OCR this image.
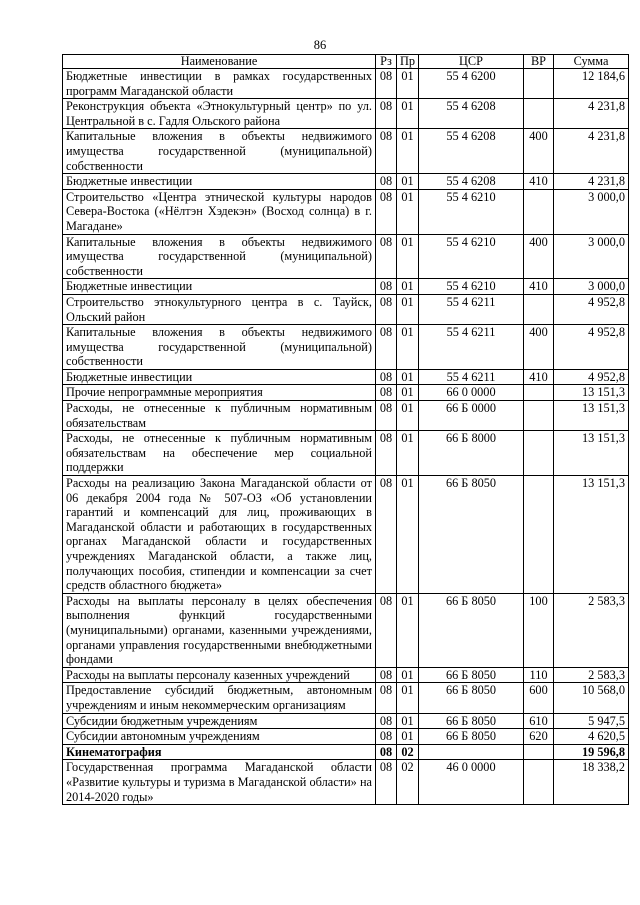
86
Наименование	Рз	Пр	ЦСР	ВР	Сумма
Бюджетные инвестиции в рамках государственных программ Магаданской области	08	01	55 4 6200		12 184,6
Реконструкция объекта «Этнокультурный центр» по ул. Центральной в с. Гадля Ольского района	08	01	55 4 6208		4 231,8
Капитальные вложения в объекты недвижимого имущества государственной (муниципальной) собственности	08	01	55 4 6208	400	4 231,8
Бюджетные инвестиции	08	01	55 4 6208	410	4 231,8
Строительство «Центра этнической культуры народов Севера-Востока («Нёлтэн Хэдекэн» (Восход солнца) в г. Магадане»	08	01	55 4 6210		3 000,0
Капитальные вложения в объекты недвижимого имущества государственной (муниципальной) собственности	08	01	55 4 6210	400	3 000,0
Бюджетные инвестиции	08	01	55 4 6210	410	3 000,0
Строительство этнокультурного центра в с. Тауйск, Ольский район	08	01	55 4 6211		4 952,8
Капитальные вложения в объекты недвижимого имущества государственной (муниципальной) собственности	08	01	55 4 6211	400	4 952,8
Бюджетные инвестиции	08	01	55 4 6211	410	4 952,8
Прочие непрограммные мероприятия	08	01	66 0 0000		13 151,3
Расходы, не отнесенные к публичным нормативным обязательствам	08	01	66 Б 0000		13 151,3
Расходы, не отнесенные к публичным нормативным обязательствам на обеспечение мер социальной поддержки	08	01	66 Б 8000		13 151,3
Расходы на реализацию Закона Магаданской области от 06 декабря 2004 года № 507-ОЗ «Об установлении гарантий и компенсаций для лиц, проживающих в Магаданской области и работающих в государственных органах Магаданской области и государственных учреждениях Магаданской области, а также лиц, получающих пособия, стипендии и компенсации за счет средств областного бюджета»	08	01	66 Б 8050		13 151,3
Расходы на выплаты персоналу в целях обеспечения выполнения функций государственными (муниципальными) органами, казенными учреждениями, органами управления государственными внебюджетными фондами	08	01	66 Б 8050	100	2 583,3
Расходы на выплаты персоналу казенных учреждений	08	01	66 Б 8050	110	2 583,3
Предоставление субсидий бюджетным, автономным учреждениям и иным некоммерческим организациям	08	01	66 Б 8050	600	10 568,0
Субсидии бюджетным учреждениям	08	01	66 Б 8050	610	5 947,5
Субсидии автономным учреждениям	08	01	66 Б 8050	620	4 620,5
Кинематография	08	02			19 596,8
Государственная программа Магаданской области «Развитие культуры и туризма в Магаданской области» на 2014-2020 годы»	08	02	46 0 0000		18 338,2
